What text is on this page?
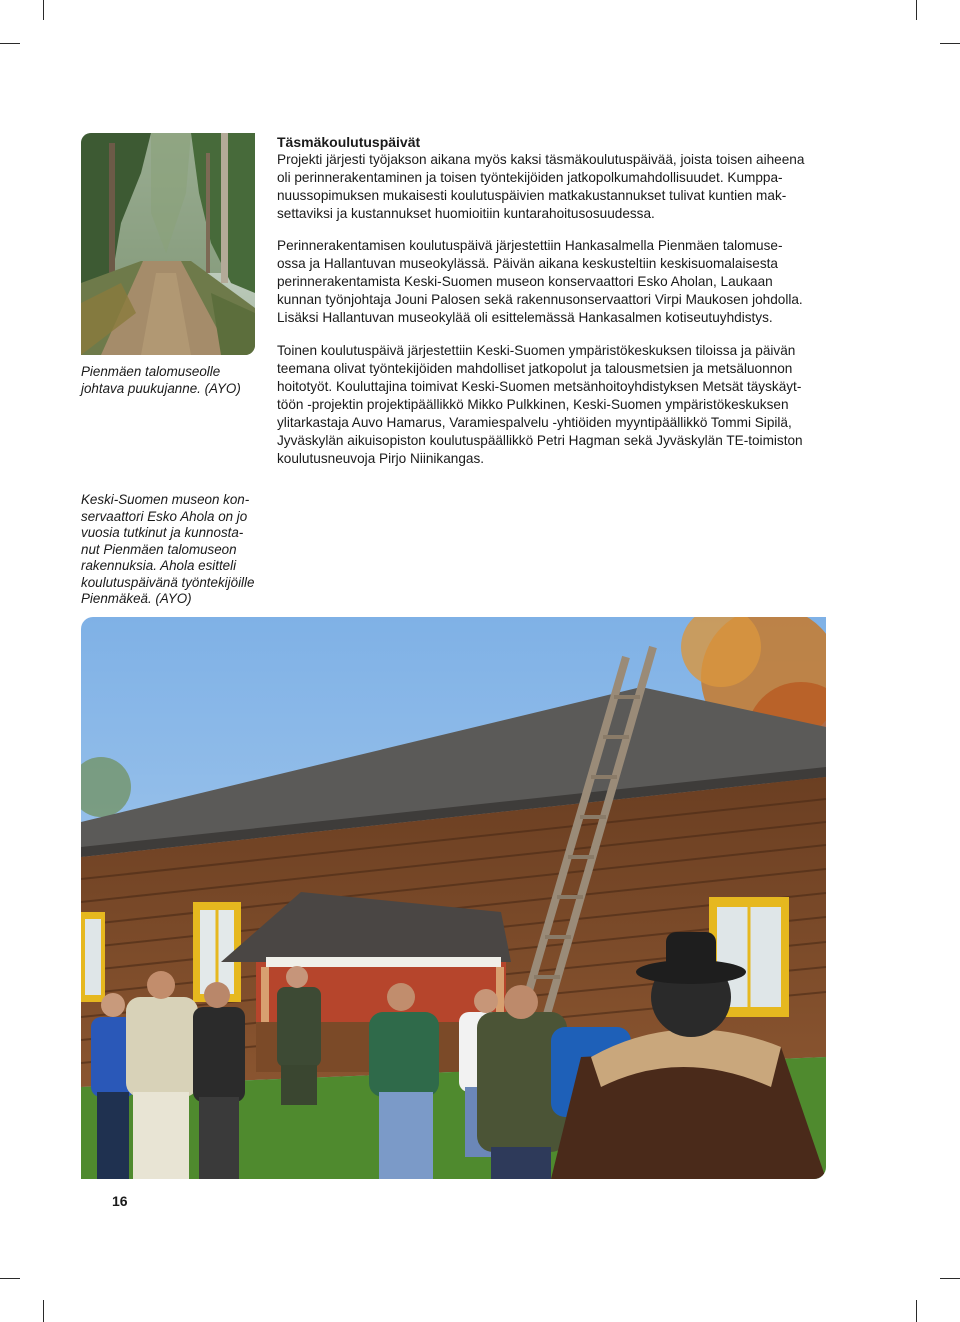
Pienmäen talomuseolle

johtava puukujanne. (AYO)

Keski-Suomen museon kon-

servaattori Esko Ahola on jo

vuosia tutkinut ja kunnosta-

nut Pienmäen talomuseon

rakennuksia. Ahola esitteli

koulutuspäivänä työntekijöille

Pienmäkeä. (AYO)

Täsmäkoulutuspäivät

Projekti järjesti työjakson aikana myös kaksi täsmäkoulutuspäivää, joista toisen aiheena

oli perinnerakentaminen ja toisen työntekijöiden jatkopolkumahdollisuudet. Kumppa-

nuussopimuksen mukaisesti koulutuspäivien matkakustannukset tulivat kuntien mak-

settaviksi ja kustannukset huomioitiin kuntarahoitusosuudessa.

Perinnerakentamisen koulutuspäivä järjestettiin Hankasalmella Pienmäen talomuse-

ossa ja Hallantuvan museokylässä. Päivän aikana keskusteltiin keskisuomalaisesta

perinnerakentamista Keski-Suomen museon konservaattori Esko Aholan, Laukaan

kunnan työnjohtaja Jouni Palosen sekä rakennusonservaattori Virpi Maukosen johdolla.

Lisäksi Hallantuvan museokylää oli esittelemässä Hankasalmen kotiseutuyhdistys.

Toinen koulutuspäivä järjestettiin Keski-Suomen ympäristökeskuksen tiloissa ja päivän

teemana olivat työntekijöiden mahdolliset jatkopolut ja talousmetsien ja metsäluonnon

hoitotyöt. Kouluttajina toimivat Keski-Suomen metsänhoitoyhdistyksen Metsät täyskäyt-

töön -projektin projektipäällikkö Mikko Pulkkinen, Keski-Suomen ympäristökeskuksen

ylitarkastaja Auvo Hamarus, Varamiespalvelu -yhtiöiden myyntipäällikkö Tommi Sipilä,

Jyväskylän aikuisopiston koulutuspäällikkö Petri Hagman sekä Jyväskylän TE-toimiston

koulutusneuvoja Pirjo Niinikangas.

16
